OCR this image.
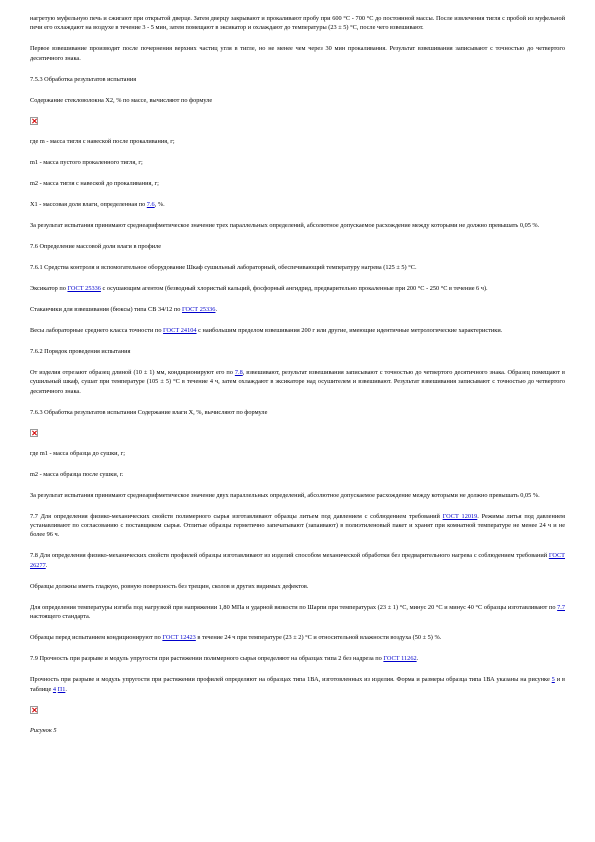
нагретую муфельную печь и сжигают при открытой дверце. Затем дверцу закрывают и прокаливают пробу при 600 °С - 700 °С до постоянной массы. После извлечения тигля с пробой из муфельной печи его охлаждают на воздухе в течение 3 - 5 мин, затем помещают в эксикатор и охлаждают до температуры (23 ± 5) °С, после чего взвешивают.

Первое взвешивание производят после почернения верхних частиц угля в тигле, но не менее чем через 30 мин прокаливания. Результат взвешивания записывают с точностью до четвертого десятичного знака.

7.5.3 Обработка результатов испытания

Содержание стекловолокна Х2, % по массе, вычисляют по формуле

где m - масса тигля с навеской после прокаливания, г;

m1 - масса пустого прокаленного тигля, г;

m2 - масса тигля с навеской до прокаливания, г;

Х1 - массовая доля влаги, определенная по 7.6, %.

За результат испытания принимают среднеарифметическое значение трех параллельных определений, абсолютное допускаемое расхождение между которыми не должно превышать 0,05 %.

7.6 Определение массовой доли влаги в профиле

7.6.1 Средства контроля и вспомогательное оборудование Шкаф сушильный лабораторный, обеспечивающий температуру нагрева (125 ± 5) °С.

Эксикатор по ГОСТ 25336 с осушающим агентом (безводный хлористый кальций, фосфорный ангидрид, предварительно прокаленные при 200 °С - 250 °С в течение 6 ч).

Стаканчики для взвешивания (бюксы) типа СВ 34/12 по ГОСТ 25336.

Весы лабораторные среднего класса точности по ГОСТ 24104 с наибольшим пределом взвешивания 200 г или другие, имеющие идентичные метрологические характеристики.

7.6.2 Порядок проведения испытания

От изделия отрезают образец длиной (10 ± 1) мм, кондиционируют его по 7.8, взвешивают, результат взвешивания записывают с точностью до четвертого десятичного знака. Образец помещают в сушильный шкаф, сушат при температуре (105 ± 5) °С в течение 4 ч, затем охлаждают в эксикаторе над осушителем и взвешивают. Результат взвешивания записывают с точностью до четвертого десятичного знака.

7.6.3 Обработка результатов испытания Содержание влаги Х, %, вычисляют по формуле

где m1 - масса образца до сушки, г;

m2 - масса образца после сушки, г.

За результат испытания принимают среднеарифметическое значение двух параллельных определений, абсолютное допускаемое расхождение между которыми не должно превышать 0,05 %.

7.7 Для определения физико-механических свойств полимерного сырья изготавливают образцы литьем под давлением с соблюдением требований ГОСТ 12019. Режимы литья под давлением устанавливают по согласованию с поставщиком сырья. Отлитые образцы герметично запечатывают (запаивают) в полиэтиленовый пакет и хранят при комнатной температуре не менее 24 ч и не более 96 ч.

7.8 Для определения физико-механических свойств профилей образцы изготавливают из изделий способом механической обработки без предварительного нагрева с соблюдением требований ГОСТ 26277.

Образцы должны иметь гладкую, ровную поверхность без трещин, сколов и других видимых дефектов.

Для определения температуры изгиба под нагрузкой при напряжении 1,80 МПа и ударной вязкости по Шарпи при температурах (23 ± 1) °С, минус 20 °С и минус 40 °С образцы изготавливают по 7.7 настоящего стандарта.

Образцы перед испытанием кондиционируют по ГОСТ 12423 в течение 24 ч при температуре (23 ± 2) °С и относительной влажности воздуха (50 ± 5) %.

7.9 Прочность при разрыве и модуль упругости при растяжении полимерного сырья определяют на образцах типа 2 без надреза по ГОСТ 11262.

Прочность при разрыве и модуль упругости при растяжении профилей определяют на образцах типа 1ВА, изготовленных из изделия. Форма и размеры образца типа 1ВА указаны на рисунке 5 и в таблице 4 П1.

Рисунок 5
